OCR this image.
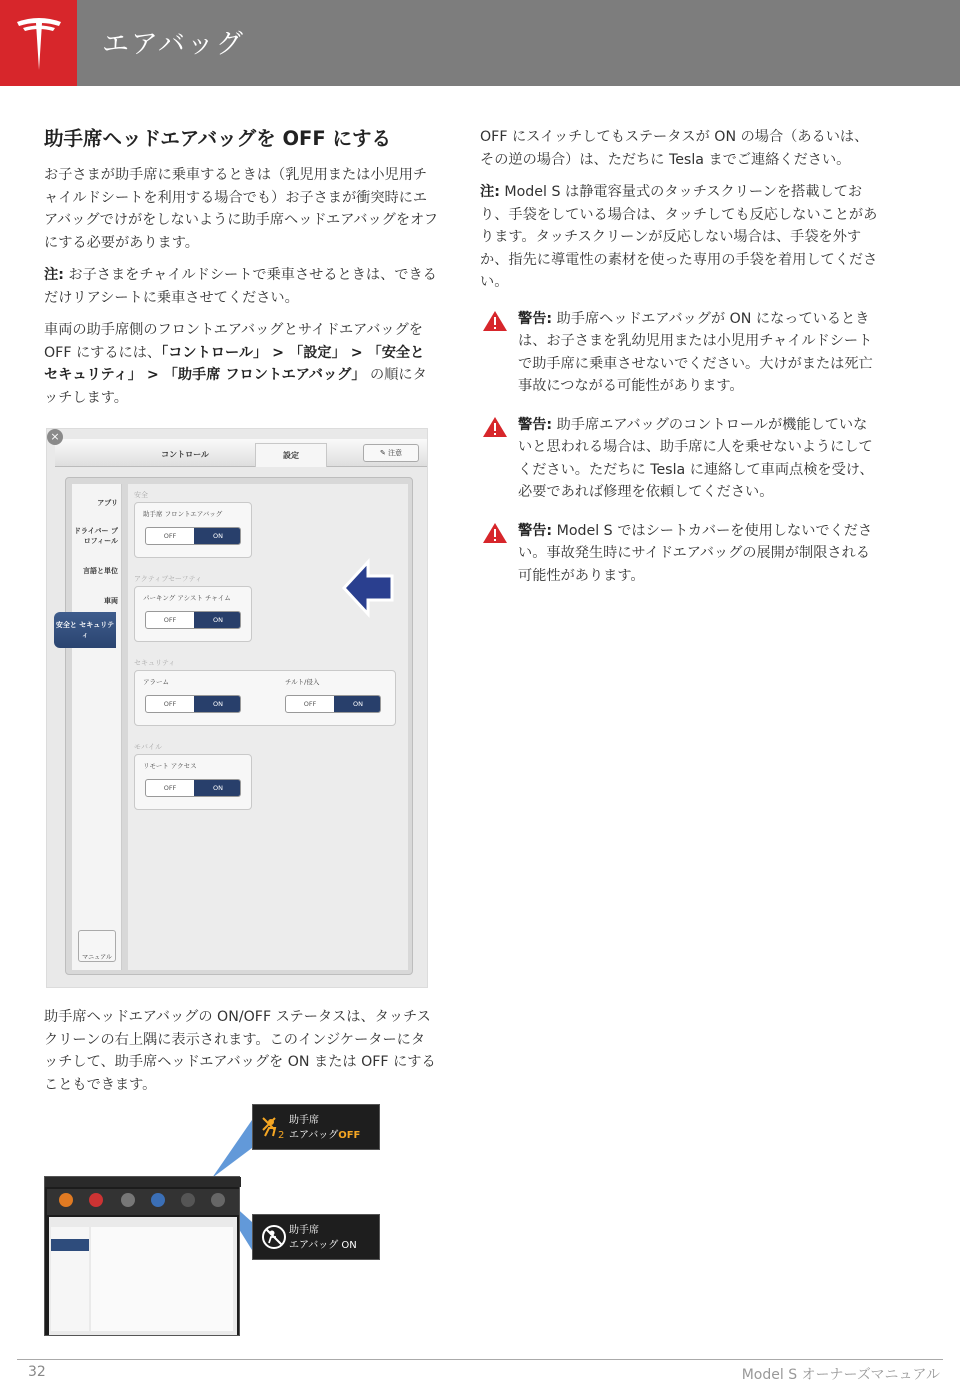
エアバッグ
助手席ヘッドエアバッグを OFF にする

お子さまが助手席に乗車するときは（乳児用または小児用チャイルドシートを利用する場合でも）お子さまが衝突時にエアバッグでけがをしないように助手席ヘッドエアバッグをオフにする必要があります。

注: お子さまをチャイルドシートで乗車させるときは、できるだけリアシートに乗車させてください。

車両の助手席側のフロントエアバッグとサイドエアバッグを OFF にするには、「コントロール」 > 「設定」 > 「安全とセキュリティ」 > 「助手席 フロントエアバッグ」 の順にタッチします。

コントロール	設定	✎ 注意
×
アプリ
ドライバー プロフィール
言語と単位
車両
マニュアル
安全と セキュリティ
安全
助手席 フロントエアバッグ
OFF	ON
アクティブセーフティ
パーキング アシスト チャイム
OFF	ON
セキュリティ
アラーム	チルト/侵入
OFF	ON	OFF	ON
モバイル
リモート アクセス
OFF	ON

助手席ヘッドエアバッグの ON/OFF ステータスは、タッチスクリーンの右上隅に表示されます。このインジケーターにタッチして、助手席ヘッドエアバッグを ON または OFF にすることもできます。

2
助手席
エアバッグOFF
助手席
エアバッグ ON

OFF にスイッチしてもステータスが ON の場合（あるいは、その逆の場合）は、ただちに Tesla までご連絡ください。

注: Model S は静電容量式のタッチスクリーンを搭載しており、手袋をしている場合は、タッチしても反応しないことがあります。タッチスクリーンが反応しない場合は、手袋を外すか、指先に導電性の素材を使った専用の手袋を着用してください。

警告: 助手席ヘッドエアバッグが ON になっているときは、お子さまを乳幼児用または小児用チャイルドシートで助手席に乗車させないでください。大けがまたは死亡事故につながる可能性があります。
警告: 助手席エアバッグのコントロールが機能していないと思われる場合は、助手席に人を乗せないようにしてください。ただちに Tesla に連絡して車両点検を受け、必要であれば修理を依頼してください。
警告: Model S ではシートカバーを使用しないでください。事故発生時にサイドエアバッグの展開が制限される可能性があります。
32	Model S オーナーズマニュアル
